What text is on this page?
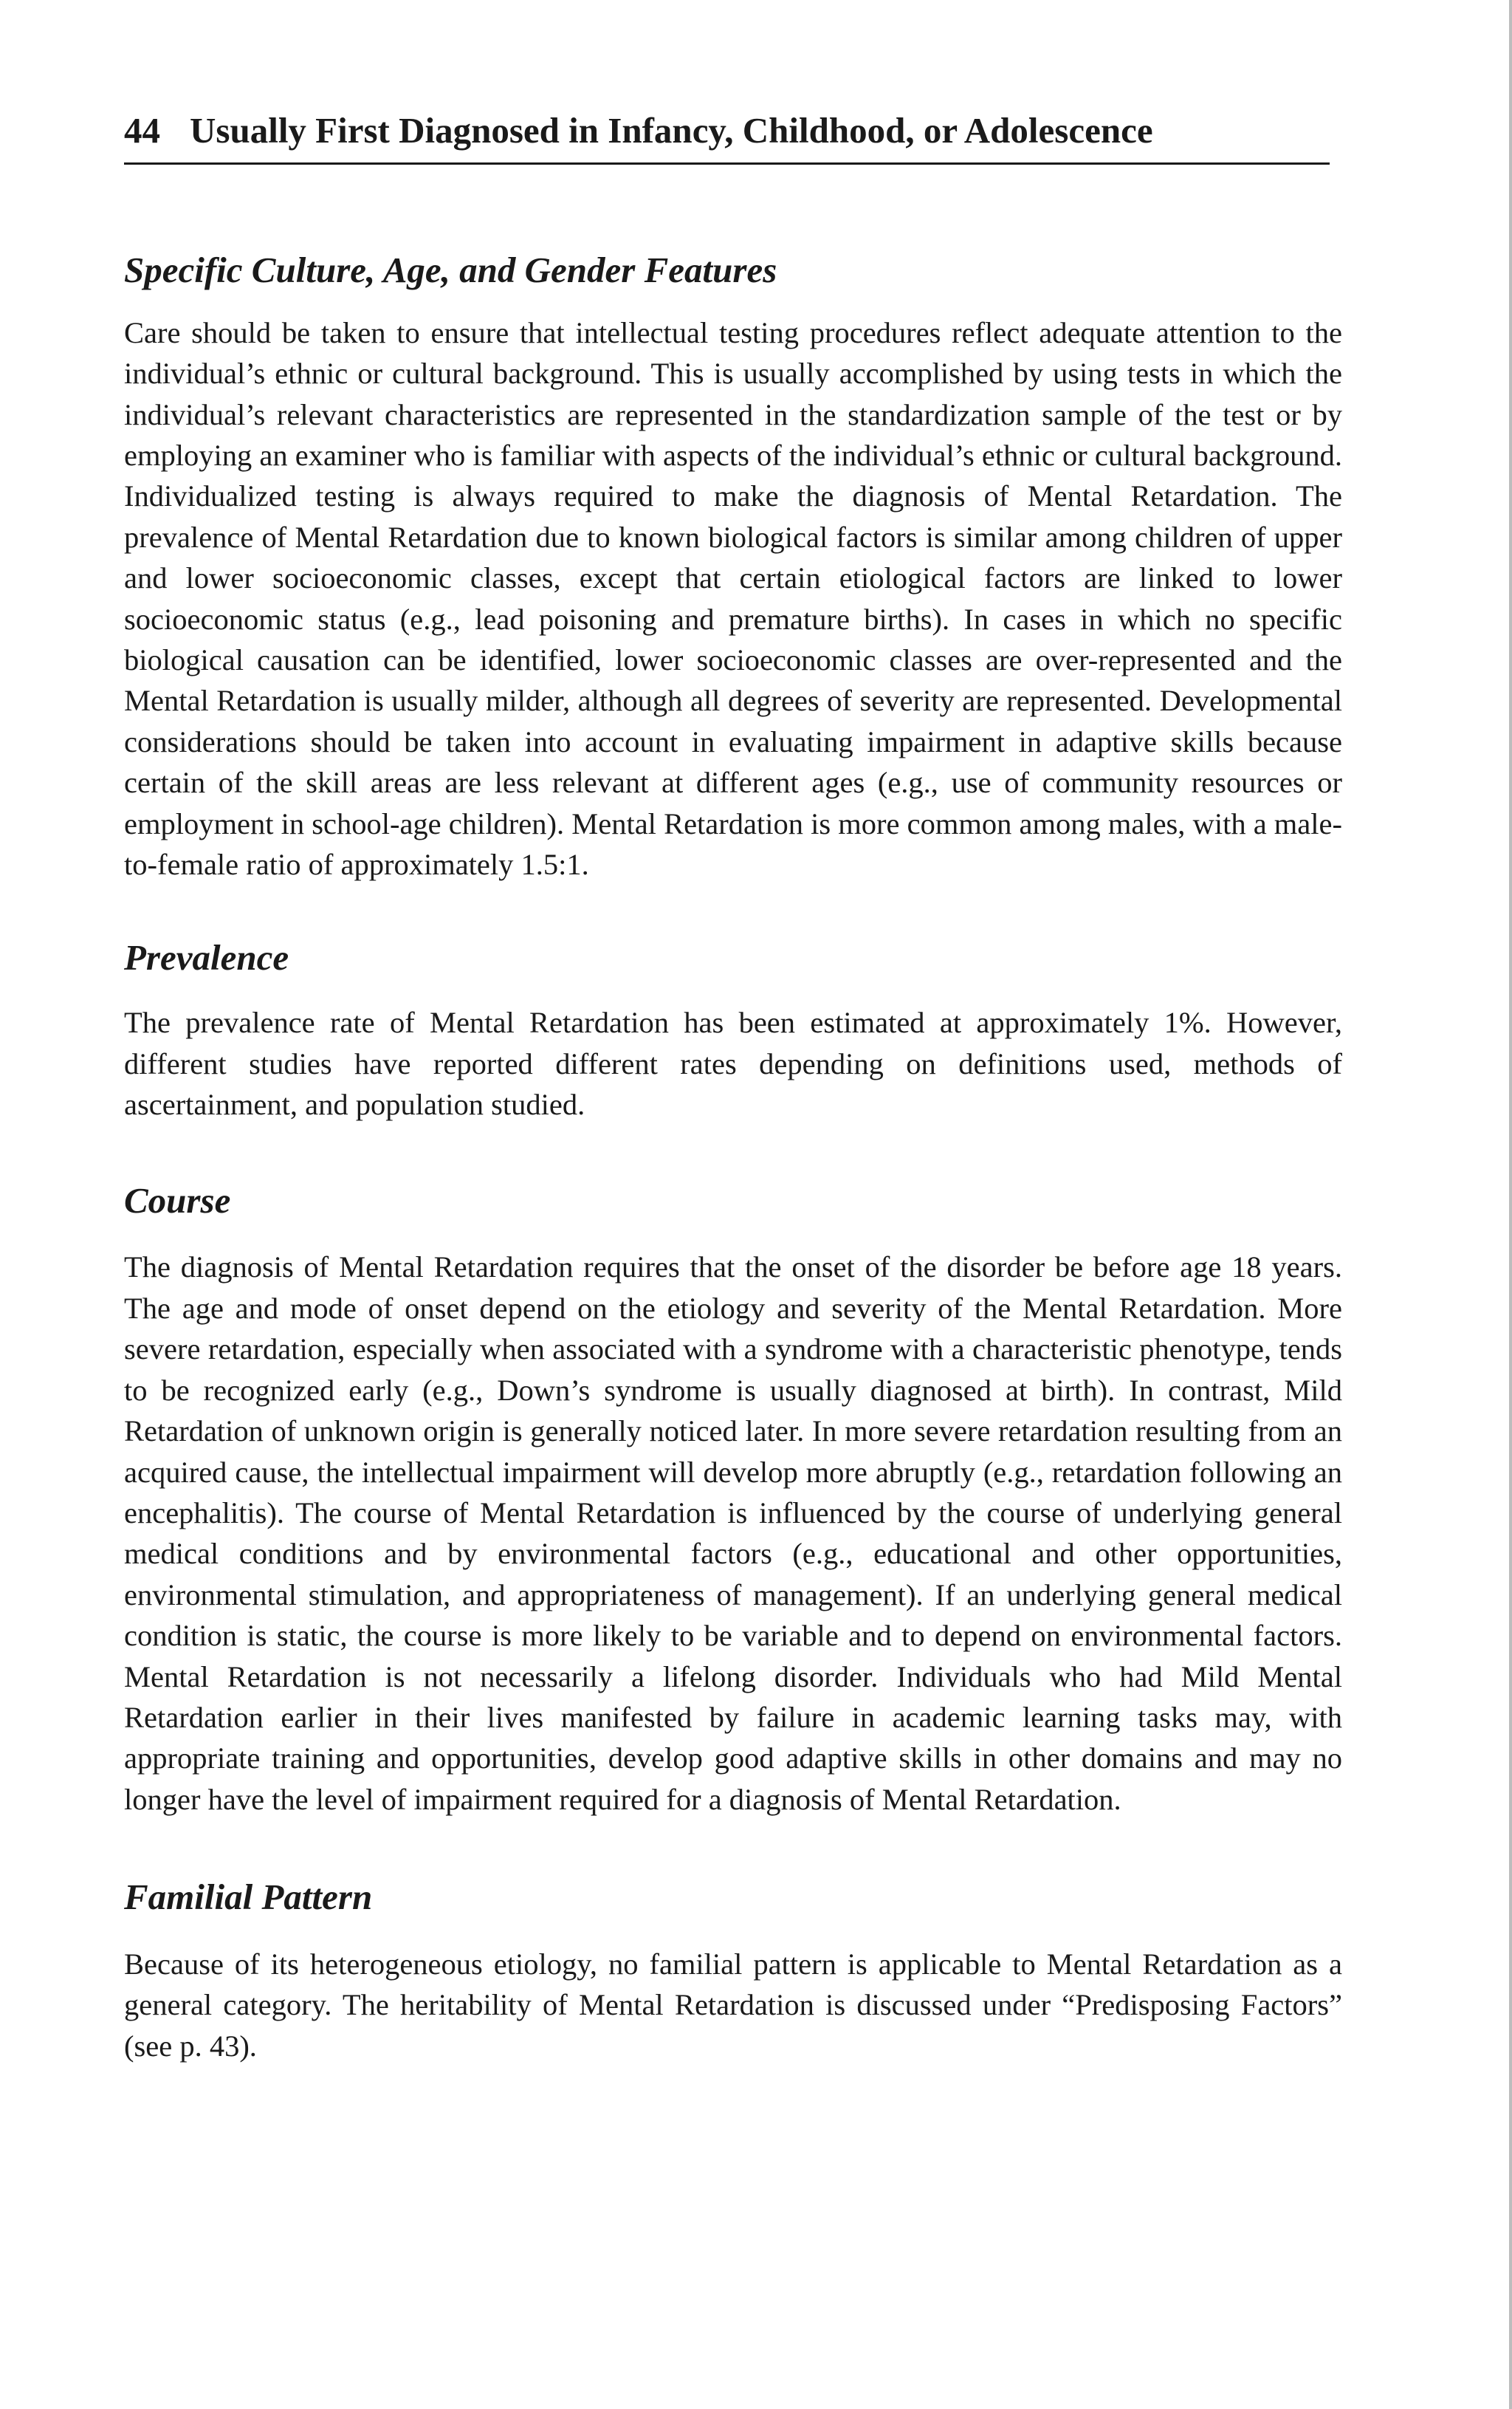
44 Usually First Diagnosed in Infancy, Childhood, or Adolescence
Specific Culture, Age, and Gender Features

Care should be taken to ensure that intellectual testing procedures reflect adequate attention to the individual’s ethnic or cultural background. This is usually accomplished by using tests in which the individual’s relevant characteristics are represented in the standardization sample of the test or by employing an examiner who is familiar with aspects of the individual’s ethnic or cultural background. Individualized testing is always required to make the diagnosis of Mental Retardation. The prevalence of Mental Retardation due to known biological factors is similar among children of upper and lower socioeconomic classes, except that certain etiological factors are linked to lower socioeconomic status (e.g., lead poisoning and premature births). In cases in which no specific biological causation can be identified, lower socioeconomic classes are over-represented and the Mental Retardation is usually milder, although all degrees of severity are represented. Developmental considerations should be taken into account in evaluating impairment in adaptive skills because certain of the skill areas are less relevant at different ages (e.g., use of community resources or employment in school-age children). Mental Retardation is more common among males, with a male-to-female ratio of approximately 1.5:1.

Prevalence

The prevalence rate of Mental Retardation has been estimated at approximately 1%. However, different studies have reported different rates depending on definitions used, methods of ascertainment, and population studied.

Course

The diagnosis of Mental Retardation requires that the onset of the disorder be before age 18 years. The age and mode of onset depend on the etiology and severity of the Mental Retardation. More severe retardation, especially when associated with a syndrome with a characteristic phenotype, tends to be recognized early (e.g., Down’s syndrome is usually diagnosed at birth). In contrast, Mild Retardation of unknown origin is generally noticed later. In more severe retardation resulting from an acquired cause, the intellectual impairment will develop more abruptly (e.g., retardation following an encephalitis). The course of Mental Retardation is influenced by the course of underlying general medical conditions and by environmental factors (e.g., educational and other opportunities, environmental stimulation, and appropriateness of management). If an underlying general medical condition is static, the course is more likely to be variable and to depend on environmental factors. Mental Retardation is not necessarily a lifelong disorder. Individuals who had Mild Mental Retardation earlier in their lives manifested by failure in academic learning tasks may, with appropriate training and opportunities, develop good adaptive skills in other domains and may no longer have the level of impairment required for a diagnosis of Mental Retardation.

Familial Pattern

Because of its heterogeneous etiology, no familial pattern is applicable to Mental Retardation as a general category. The heritability of Mental Retardation is discussed under “Predisposing Factors” (see p. 43).
